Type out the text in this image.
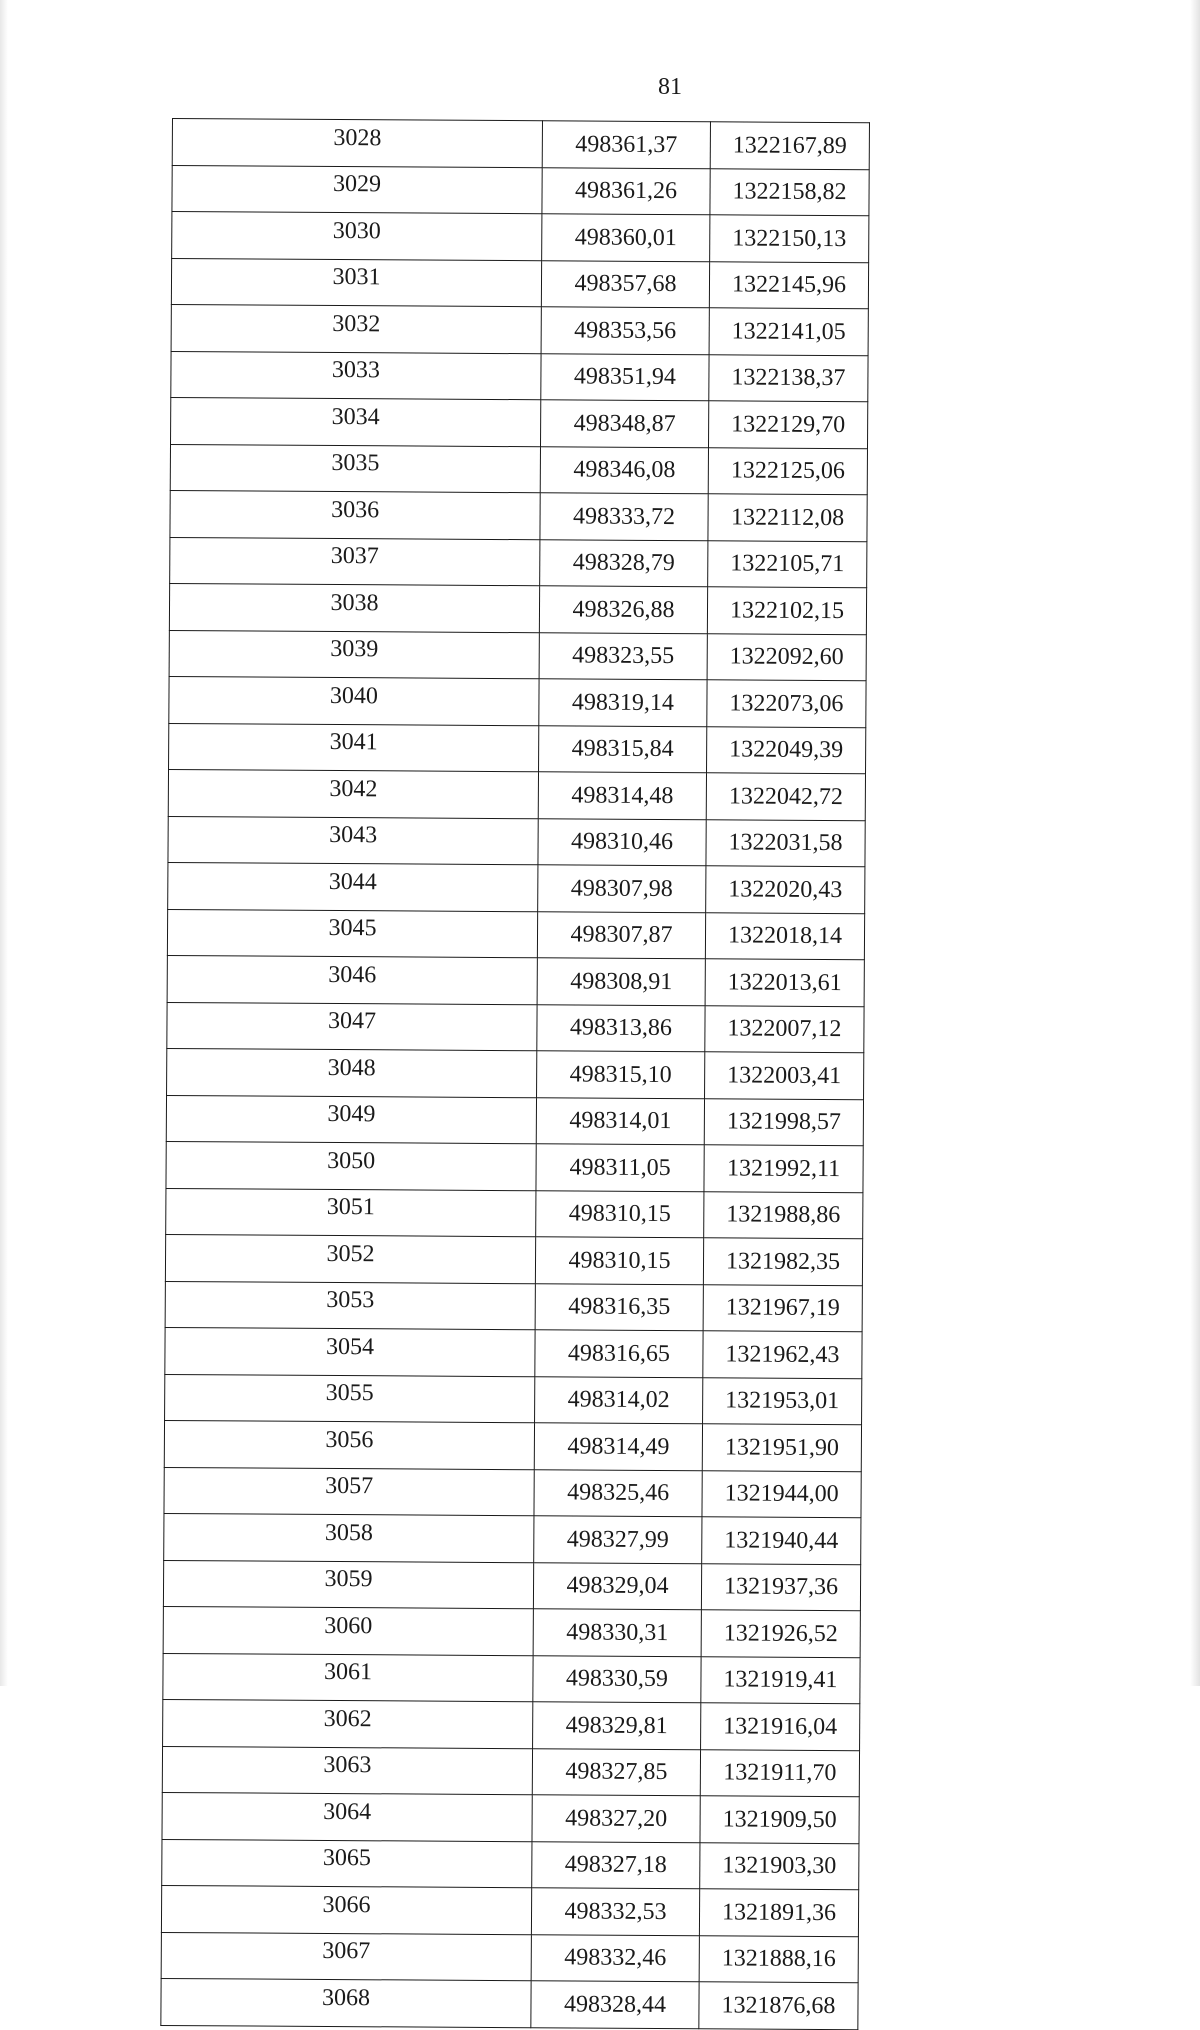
81
3028	498361,37	1322167,89
3029	498361,26	1322158,82
3030	498360,01	1322150,13
3031	498357,68	1322145,96
3032	498353,56	1322141,05
3033	498351,94	1322138,37
3034	498348,87	1322129,70
3035	498346,08	1322125,06
3036	498333,72	1322112,08
3037	498328,79	1322105,71
3038	498326,88	1322102,15
3039	498323,55	1322092,60
3040	498319,14	1322073,06
3041	498315,84	1322049,39
3042	498314,48	1322042,72
3043	498310,46	1322031,58
3044	498307,98	1322020,43
3045	498307,87	1322018,14
3046	498308,91	1322013,61
3047	498313,86	1322007,12
3048	498315,10	1322003,41
3049	498314,01	1321998,57
3050	498311,05	1321992,11
3051	498310,15	1321988,86
3052	498310,15	1321982,35
3053	498316,35	1321967,19
3054	498316,65	1321962,43
3055	498314,02	1321953,01
3056	498314,49	1321951,90
3057	498325,46	1321944,00
3058	498327,99	1321940,44
3059	498329,04	1321937,36
3060	498330,31	1321926,52
3061	498330,59	1321919,41
3062	498329,81	1321916,04
3063	498327,85	1321911,70
3064	498327,20	1321909,50
3065	498327,18	1321903,30
3066	498332,53	1321891,36
3067	498332,46	1321888,16
3068	498328,44	1321876,68
